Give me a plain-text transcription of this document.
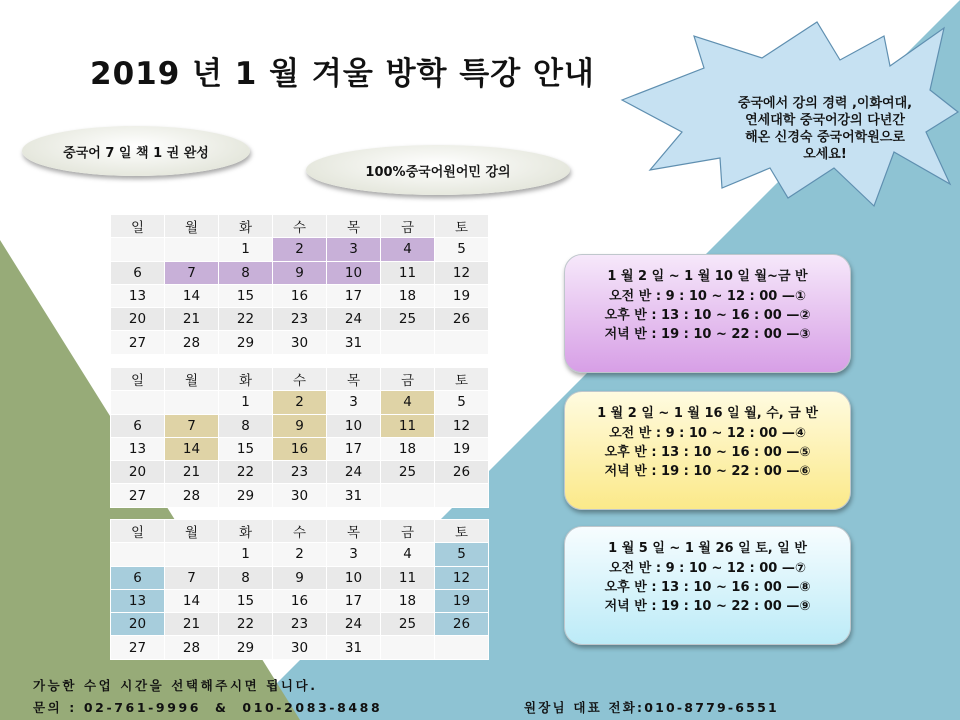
2019 년 1 월 겨울 방학 특강 안내
중국어 7 일 책 1 권 완성
100%중국어원어민 강의
중국에서 강의 경력 ,이화여대,
연세대학 중국어강의 다년간
해온 신경숙 중국어학원으로
오세요!
일	월	화	수	목	금	토
		1	2	3	4	5
6	7	8	9	10	11	12
13	14	15	16	17	18	19
20	21	22	23	24	25	26
27	28	29	30	31		
일	월	화	수	목	금	토
		1	2	3	4	5
6	7	8	9	10	11	12
13	14	15	16	17	18	19
20	21	22	23	24	25	26
27	28	29	30	31		
일	월	화	수	목	금	토
		1	2	3	4	5
6	7	8	9	10	11	12
13	14	15	16	17	18	19
20	21	22	23	24	25	26
27	28	29	30	31		
1 월 2 일 ~ 1 월 10 일 월~금 반
오전 반 : 9 : 10 ~ 12 : 00 —①
오후 반 : 13 : 10 ~ 16 : 00 —②
저녁 반 : 19 : 10 ~ 22 : 00 —③
1 월 2 일 ~ 1 월 16 일 월, 수, 금 반
오전 반 : 9 : 10 ~ 12 : 00 —④
오후 반 : 13 : 10 ~ 16 : 00 —⑤
저녁 반 : 19 : 10 ~ 22 : 00 —⑥
1 월 5 일 ~ 1 월 26 일 토, 일 반
오전 반 : 9 : 10 ~ 12 : 00 —⑦
오후 반 : 13 : 10 ~ 16 : 00 —⑧
저녁 반 : 19 : 10 ~ 22 : 00 —⑨
가능한 수업 시간을 선택해주시면 됩니다.
문의 : 02-761-9996  &  010-2083-8488	원장님 대표 전화:010-8779-6551
